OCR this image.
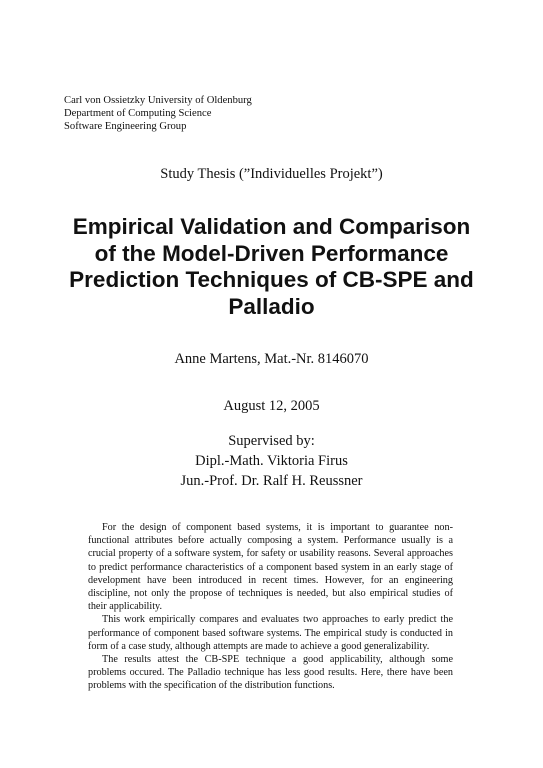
Carl von Ossietzky University of Oldenburg
Department of Computing Science
Software Engineering Group
Study Thesis (”Individuelles Projekt”)
Empirical Validation and Comparison
of the Model-Driven Performance
Prediction Techniques of CB-SPE and
Palladio
Anne Martens, Mat.-Nr. 8146070
August 12, 2005
Supervised by:
Dipl.-Math. Viktoria Firus
Jun.-Prof. Dr. Ralf H. Reussner

For the design of component based systems, it is important to guarantee non-functional attributes before actually composing a system. Performance usually is a crucial property of a software system, for safety or usability reasons. Several approaches to predict performance characteristics of a component based system in an early stage of development have been introduced in recent times. However, for an engineering discipline, not only the propose of techniques is needed, but also empirical studies of their applicability.

This work empirically compares and evaluates two approaches to early predict the performance of component based software systems. The empirical study is conducted in form of a case study, although attempts are made to achieve a good generalizability.

The results attest the CB-SPE technique a good applicability, although some problems occured. The Palladio technique has less good results. Here, there have been problems with the specification of the distribution functions.
